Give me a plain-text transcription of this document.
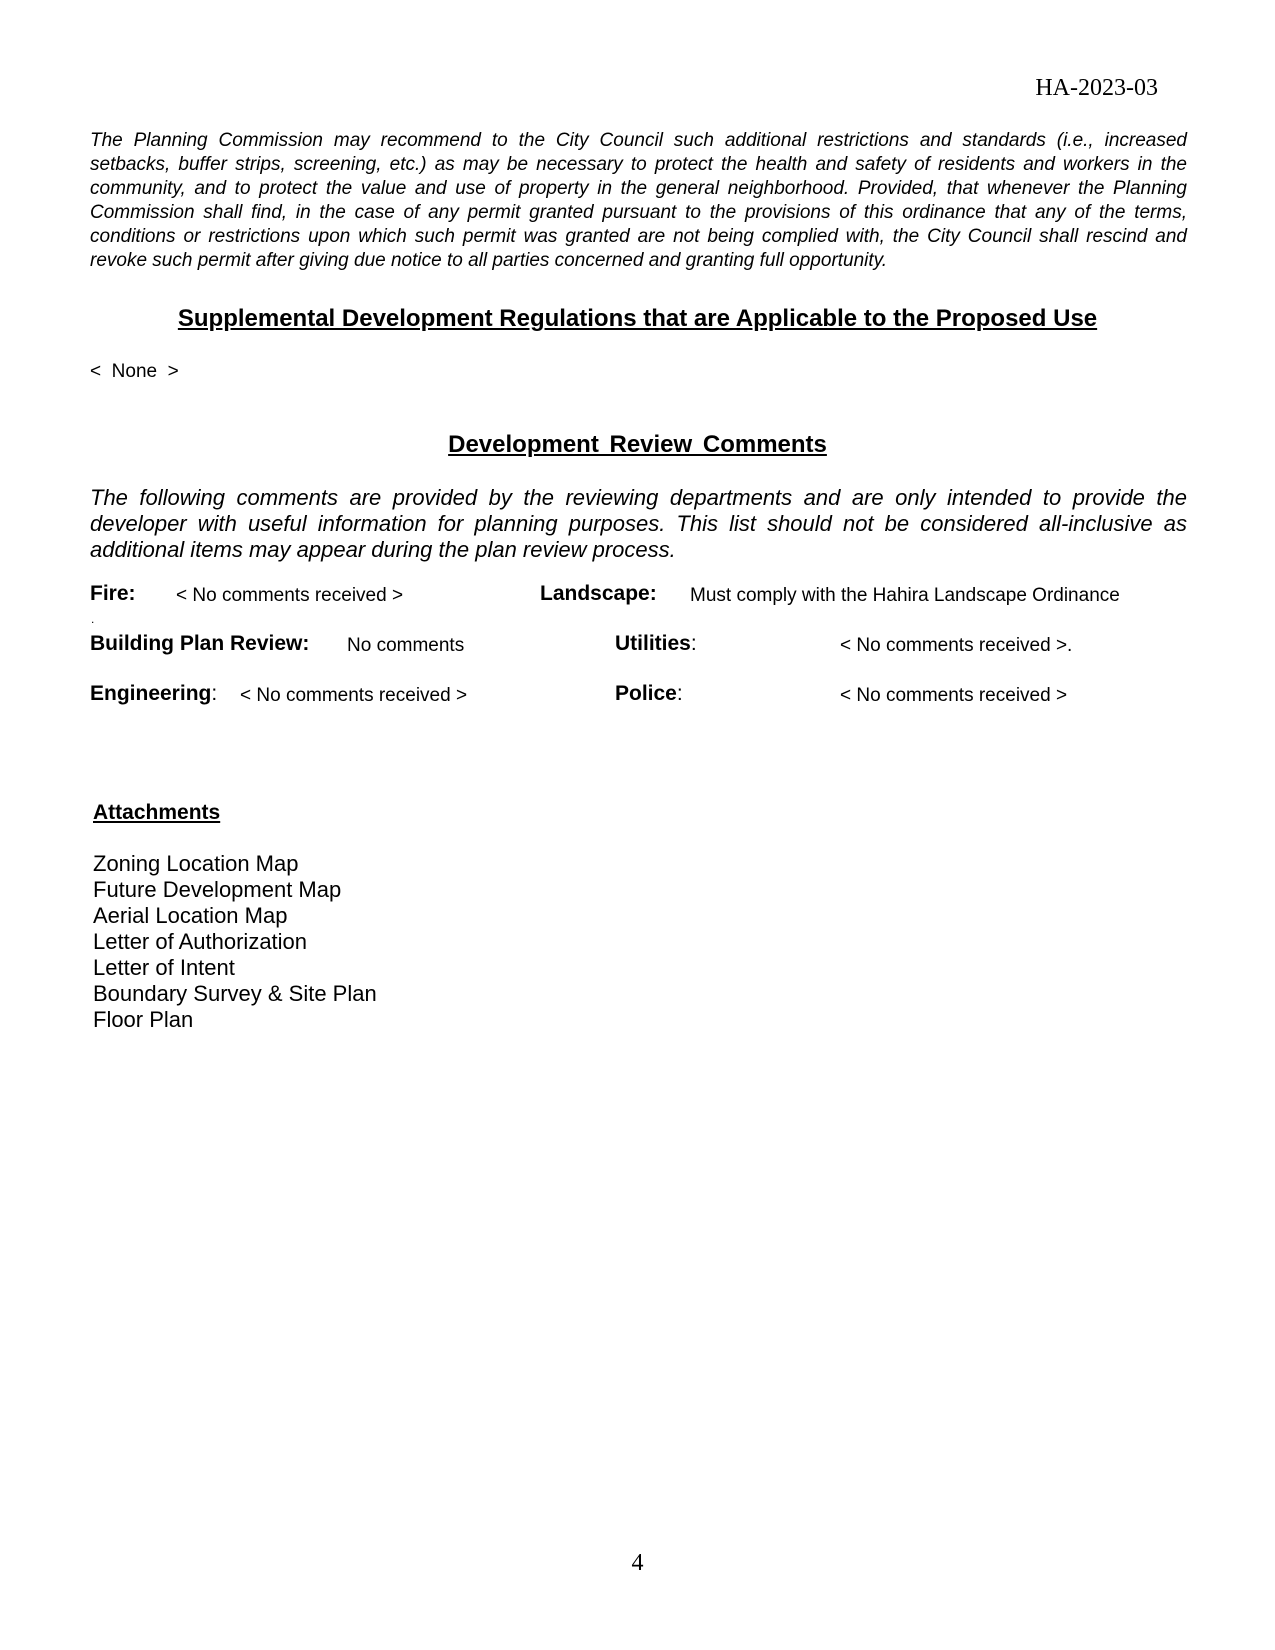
HA-2023-03

The Planning Commission may recommend to the City Council such additional restrictions and standards (i.e., increased setbacks, buffer strips, screening, etc.) as may be necessary to protect the health and safety of residents and workers in the community, and to protect the value and use of property in the general neighborhood. Provided, that whenever the Planning Commission shall find, in the case of any permit granted pursuant to the provisions of this ordinance that any of the terms, conditions or restrictions upon which such permit was granted are not being complied with, the City Council shall rescind and revoke such permit after giving due notice to all parties concerned and granting full opportunity.

Supplemental Development Regulations that are Applicable to the Proposed Use
<  None  >
Development Review Comments

The following comments are provided by the reviewing departments and are only intended to provide the developer with useful information for planning purposes. This list should not be considered all-inclusive as additional items may appear during the plan review process.

Fire: < No comments received >	Landscape: Must comply with the Hahira Landscape Ordinance
.
Building Plan Review: No comments	Utilities:	< No comments received >.
Engineering: < No comments received >	Police:	< No comments received >
Attachments
Zoning Location Map
Future Development Map
Aerial Location Map
Letter of Authorization
Letter of Intent
Boundary Survey & Site Plan
Floor Plan
4
